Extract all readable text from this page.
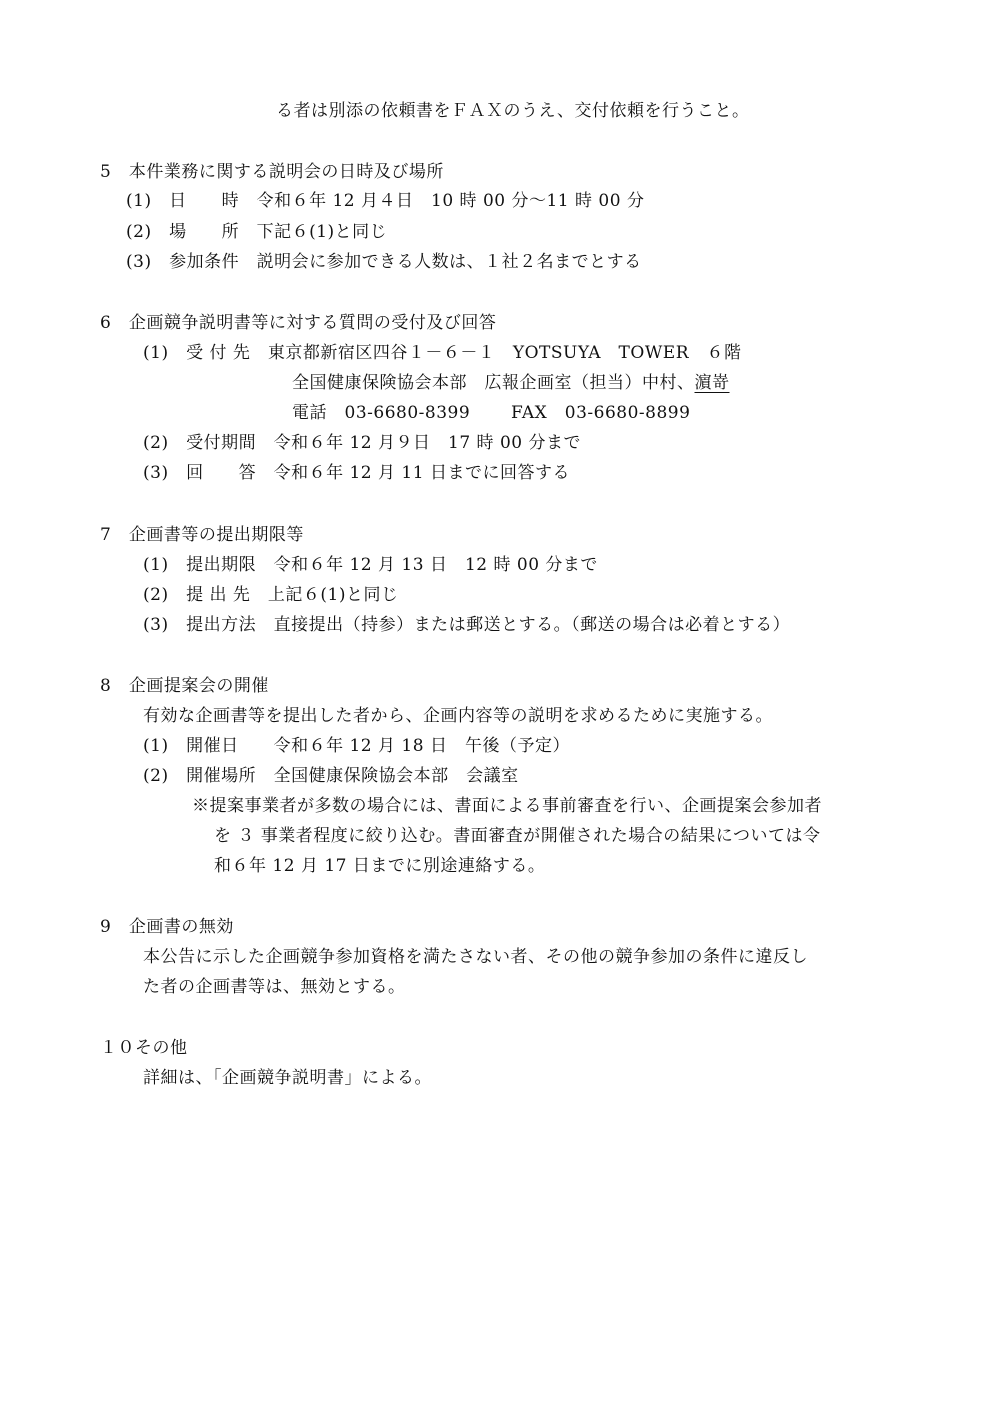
る者は別添の依頼書をＦＡＸのうえ、交付依頼を行うこと。
5　本件業務に関する説明会の日時及び場所
(1)　日　　時　令和６年 12 月４日　10 時 00 分～11 時 00 分
(2)　場　　所　下記６(1)と同じ
(3)　参加条件　説明会に参加できる人数は、１社２名までとする
6　企画競争説明書等に対する質問の受付及び回答
(1)　受 付 先　東京都新宿区四谷１－６－１　YOTSUYA　TOWER　６階
全国健康保険協会本部　広報企画室（担当）中村、濵嵜
電話　03-6680-8399　　 FAX　03-6680-8899
(2)　受付期間　令和６年 12 月９日　17 時 00 分まで
(3)　回　　答　令和６年 12 月 11 日までに回答する
7　企画書等の提出期限等
(1)　提出期限　令和６年 12 月 13 日　12 時 00 分まで
(2)　提 出 先　上記６(1)と同じ
(3)　提出方法　直接提出（持参）または郵送とする。（郵送の場合は必着とする）
8　企画提案会の開催
有効な企画書等を提出した者から、企画内容等の説明を求めるために実施する。
(1)　開催日　　令和６年 12 月 18 日　午後（予定）
(2)　開催場所　全国健康保険協会本部　会議室
※提案事業者が多数の場合には、書面による事前審査を行い、企画提案会参加者
を ３ 事業者程度に絞り込む。書面審査が開催された場合の結果については令
和６年 12 月 17 日までに別途連絡する。
9　企画書の無効
本公告に示した企画競争参加資格を満たさない者、その他の競争参加の条件に違反し
た者の企画書等は、無効とする。
１０その他
詳細は、「企画競争説明書」による。
